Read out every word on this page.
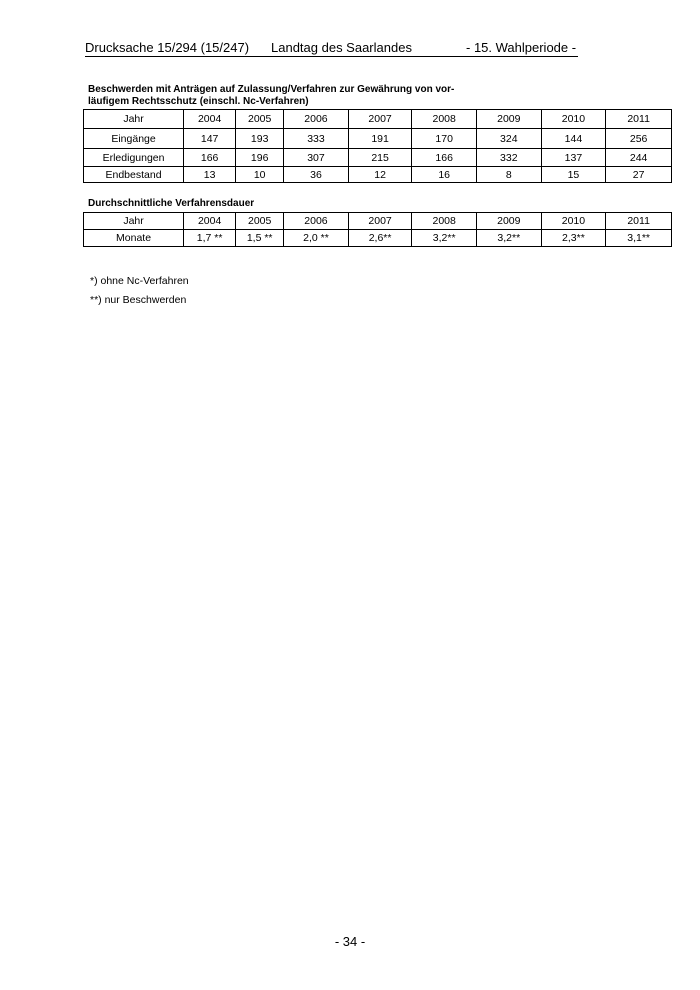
Drucksache 15/294 (15/247) Landtag des Saarlandes	- 15. Wahlperiode -
Beschwerden mit Anträgen auf Zulassung/Verfahren zur Gewährung von vor-
läufigem Rechtsschutz (einschl. Nc-Verfahren)
Jahr	2004	2005	2006	2007	2008	2009	2010	2011
Eingänge	147	193	333	191	170	324	144	256
Erledigungen	166	196	307	215	166	332	137	244
Endbestand	13	10	36	12	16	8	15	27
Durchschnittliche Verfahrensdauer
Jahr	2004	2005	2006	2007	2008	2009	2010	2011
Monate	1,7 **	1,5 **	2,0 **	2,6**	3,2**	3,2**	2,3**	3,1**
*) ohne Nc-Verfahren
**) nur Beschwerden
- 34 -
